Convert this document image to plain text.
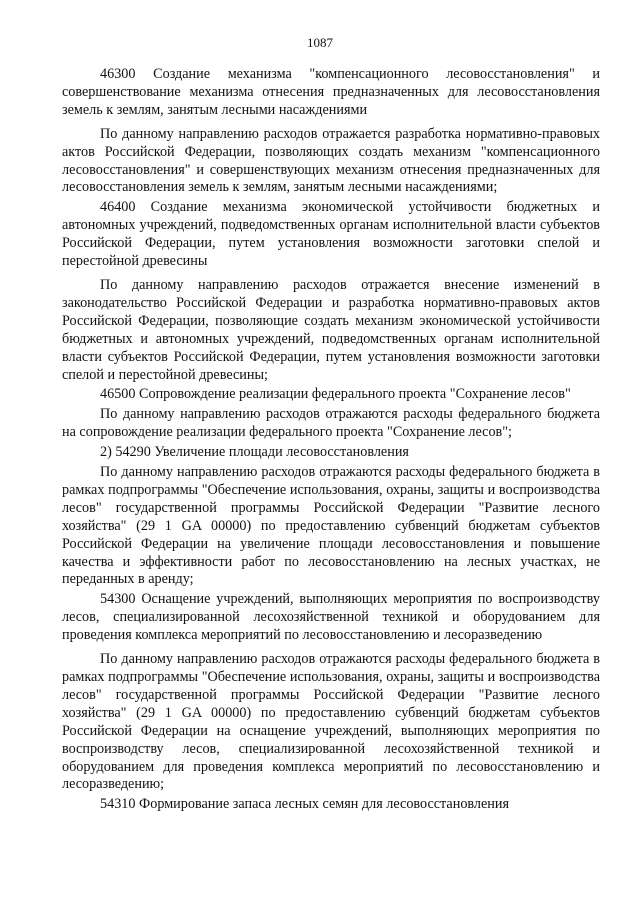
1087

46300 Создание механизма "компенсационного лесовосстановления" и совершенствование механизма отнесения предназначенных для лесовосстановления земель к землям, занятым лесными насаждениями

По данному направлению расходов отражается разработка нормативно-правовых актов Российской Федерации, позволяющих создать механизм "компенсационного лесовосстановления" и совершенствующих механизм отнесения предназначенных для лесовосстановления земель к землям, занятым лесными насаждениями;

46400 Создание механизма экономической устойчивости бюджетных и автономных учреждений, подведомственных органам исполнительной власти субъектов Российской Федерации, путем установления возможности заготовки спелой и перестойной древесины

По данному направлению расходов отражается внесение изменений в законодательство Российской Федерации и разработка нормативно-правовых актов Российской Федерации, позволяющие создать механизм экономической устойчивости бюджетных и автономных учреждений, подведомственных органам исполнительной власти субъектов Российской Федерации, путем установления возможности заготовки спелой и перестойной древесины;

46500 Сопровождение реализации федерального проекта "Сохранение лесов"

По данному направлению расходов отражаются расходы федерального бюджета на сопровождение реализации федерального проекта "Сохранение лесов";

2) 54290 Увеличение площади лесовосстановления

По данному направлению расходов отражаются расходы федерального бюджета в рамках подпрограммы "Обеспечение использования, охраны, защиты и воспроизводства лесов" государственной программы Российской Федерации "Развитие лесного хозяйства" (29 1 GA 00000) по предоставлению субвенций бюджетам субъектов Российской Федерации на увеличение площади лесовосстановления и повышение качества и эффективности работ по лесовосстановлению на лесных участках, не переданных в аренду;

54300 Оснащение учреждений, выполняющих мероприятия по воспроизводству лесов, специализированной лесохозяйственной техникой и оборудованием для проведения комплекса мероприятий по лесовосстановлению и лесоразведению

По данному направлению расходов отражаются расходы федерального бюджета в рамках подпрограммы "Обеспечение использования, охраны, защиты и воспроизводства лесов" государственной программы Российской Федерации "Развитие лесного хозяйства" (29 1 GA 00000) по предоставлению субвенций бюджетам субъектов Российской Федерации на оснащение учреждений, выполняющих мероприятия по воспроизводству лесов, специализированной лесохозяйственной техникой и оборудованием для проведения комплекса мероприятий по лесовосстановлению и лесоразведению;

54310 Формирование запаса лесных семян для лесовосстановления
